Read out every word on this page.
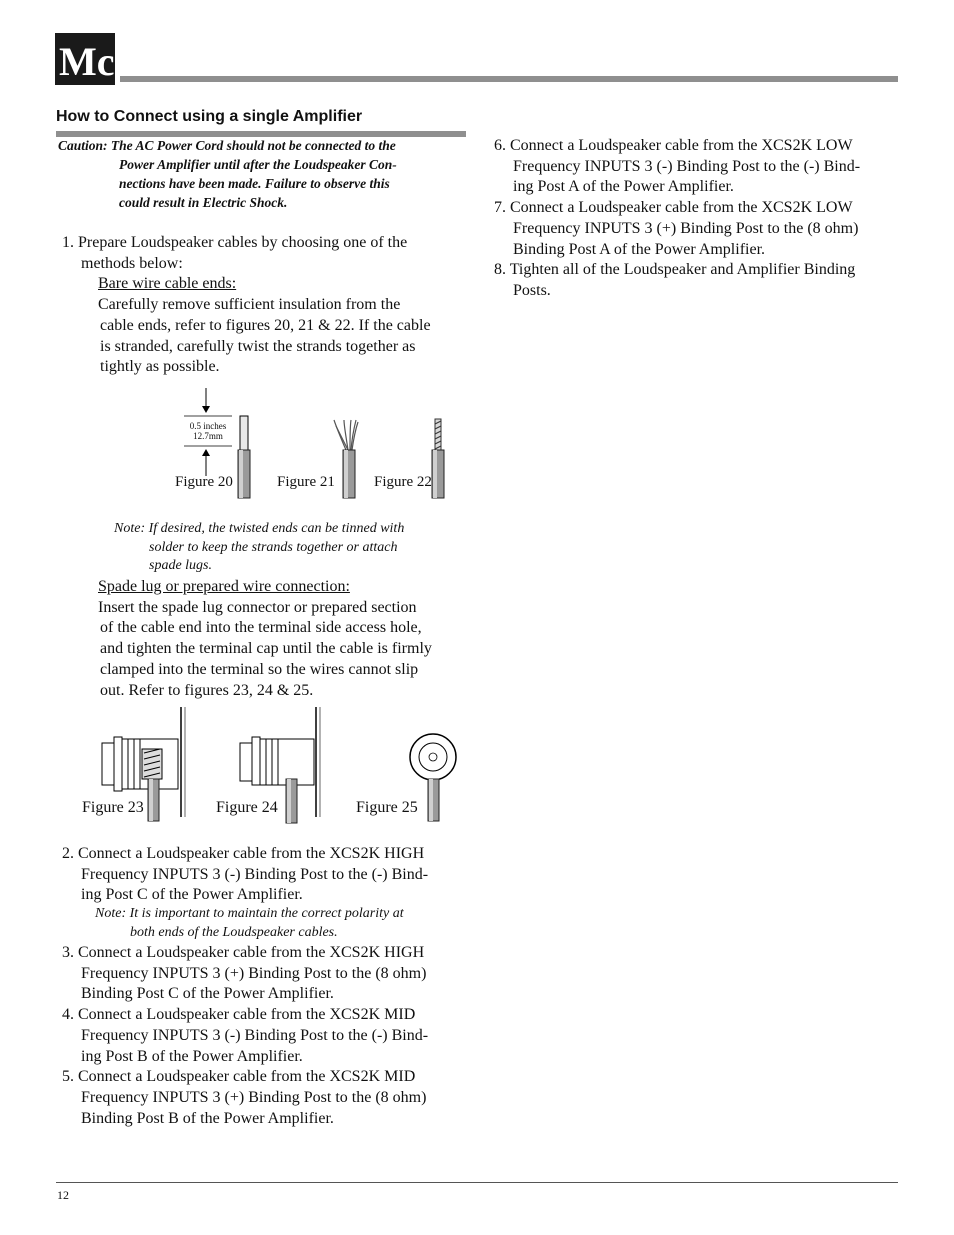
Mc
How to Connect using a single Amplifier
Caution: The AC Power Cord should not be connected to the
Power Amplifier until after the Loudspeaker Con-
nections have been made. Failure to observe this
could result in Electric Shock.
1. Prepare Loudspeaker cables by choosing one of the
methods below:
Bare wire cable ends:
Carefully remove sufficient insulation from the
cable ends, refer to figures 20, 21 & 22. If the cable
is stranded, carefully twist the strands together as
tightly as possible.
0.5 inches
12.7mm
Figure 20	Figure 21	Figure 22
Note: If desired, the twisted ends can be tinned with
solder to keep the strands together or attach
spade lugs.
Spade lug or prepared wire connection:
Insert the spade lug connector or prepared section
of the cable end into the terminal side access hole,
and tighten the terminal cap until the cable is firmly
clamped into the terminal so the wires cannot slip
out. Refer to figures 23, 24 & 25.
Figure 23	Figure 24	Figure 25
2. Connect a Loudspeaker cable from the XCS2K HIGH
Frequency INPUTS 3 (-) Binding Post to the (-) Bind-
ing Post C of the Power Amplifier.
Note: It is important to maintain the correct polarity at
both ends of the Loudspeaker cables.
3. Connect a Loudspeaker cable from the XCS2K HIGH
Frequency INPUTS 3 (+) Binding Post to the (8 ohm)
Binding Post C of the Power Amplifier.
4. Connect a Loudspeaker cable from the XCS2K MID
Frequency INPUTS 3 (-) Binding Post to the (-) Bind-
ing Post B of the Power Amplifier.
5. Connect a Loudspeaker cable from the XCS2K MID
Frequency INPUTS 3 (+) Binding Post to the (8 ohm)
Binding Post B of the Power Amplifier.
6. Connect a Loudspeaker cable from the XCS2K LOW
Frequency INPUTS 3 (-) Binding Post to the (-) Bind-
ing Post A of the Power Amplifier.
7. Connect a Loudspeaker cable from the XCS2K LOW
Frequency INPUTS 3 (+) Binding Post to the (8 ohm)
Binding Post A of the Power Amplifier.
8. Tighten all of the Loudspeaker and Amplifier Binding
Posts.
12
